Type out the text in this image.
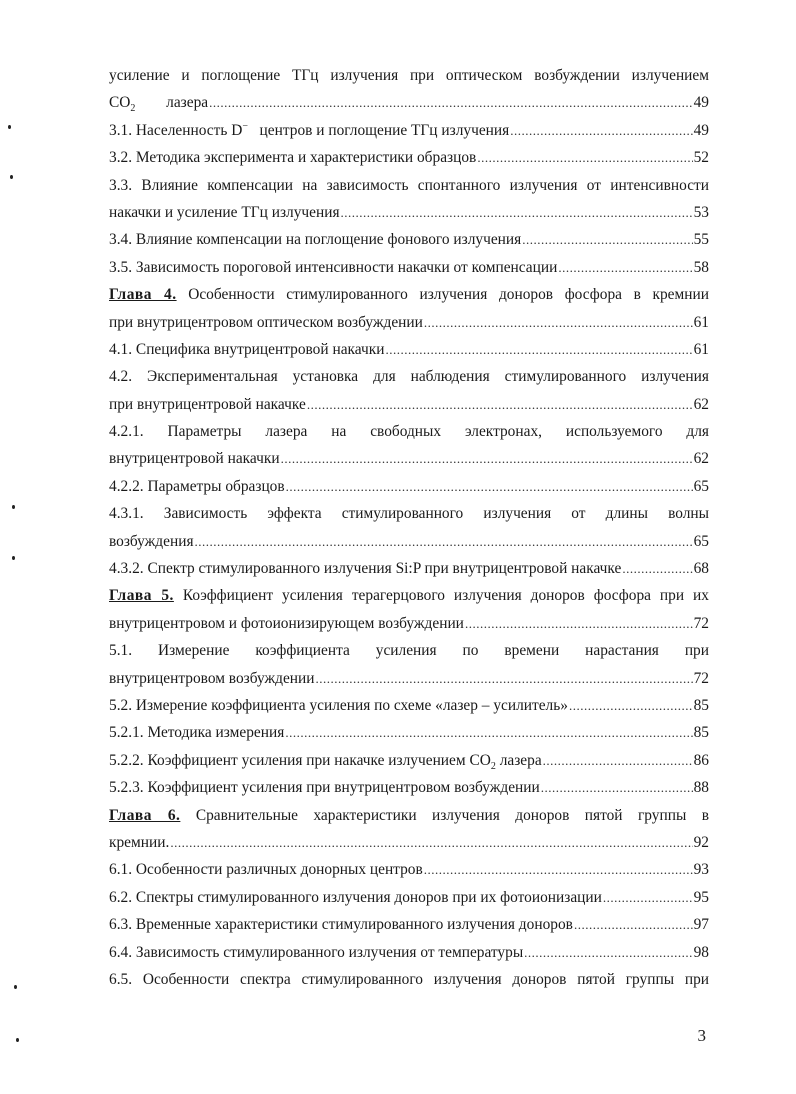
усиление и поглощение ТГц излучения при оптическом возбуждении излучением
$CO_2$ лазера .....	49
3.1. Населенность D− центров и поглощение ТГц излучения .....	49
3.2. Методика эксперимента и характеристики образцов .....	52
3.3. Влияние компенсации на зависимость спонтанного излучения от интенсивности
накачки и усиление ТГц излучения .....	53
3.4. Влияние компенсации на поглощение фонового излучения .....	55
3.5. Зависимость пороговой интенсивности накачки от компенсации .....	58
Глава 4. Особенности стимулированного излучения доноров фосфора в кремнии
при внутрицентровом оптическом возбуждении .....	61
4.1. Специфика внутрицентровой накачки .....	61
4.2. Экспериментальная установка для наблюдения стимулированного излучения
при внутрицентровой накачке .....	62
4.2.1. Параметры лазера на свободных электронах, используемого для
внутрицентровой накачки .....	62
4.2.2. Параметры образцов .....	65
4.3.1. Зависимость эффекта стимулированного излучения от длины волны
возбуждения .....	65
4.3.2. Спектр стимулированного излучения Si:P при внутрицентровой накачке .....	68
Глава 5. Коэффициент усиления терагерцового излучения доноров фосфора при их
внутрицентровом и фотоионизирующем возбуждении .....	72
5.1. Измерение коэффициента усиления по времени нарастания при
внутрицентровом возбуждении .....	72
5.2. Измерение коэффициента усиления по схеме «лазер – усилитель» .....	85
5.2.1. Методика измерения .....	85
5.2.2. Коэффициент усиления при накачке излучением $CO_2$ лазера .....	86
5.2.3. Коэффициент усиления при внутрицентровом возбуждении .....	88
Глава 6. Сравнительные характеристики излучения доноров пятой группы в
кремнии. .....	92
6.1. Особенности различных донорных центров .....	93
6.2. Спектры стимулированного излучения доноров при их фотоионизации .....	95
6.3. Временные характеристики стимулированного излучения доноров .....	97
6.4. Зависимость стимулированного излучения от температуры .....	98
6.5. Особенности спектра стимулированного излучения доноров пятой группы при
3
